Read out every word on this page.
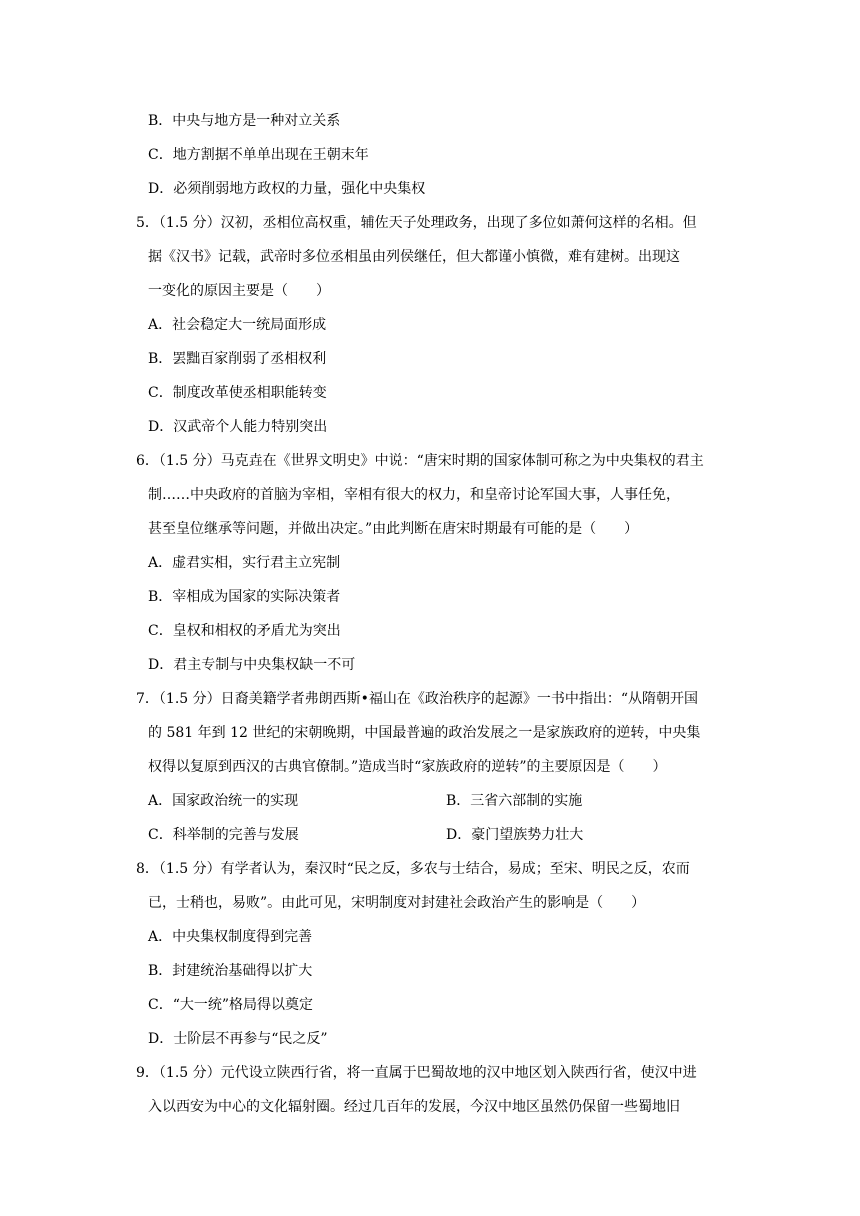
B．中央与地方是一种对立关系
C．地方割据不单单出现在王朝末年
D．必须削弱地方政权的力量，强化中央集权
5．（1.5 分）汉初，丞相位高权重，辅佐天子处理政务，出现了多位如萧何这样的名相。但
据《汉书》记载，武帝时多位丞相虽由列侯继任，但大都谨小慎微，难有建树。出现这
一变化的原因主要是（　　）
A．社会稳定大一统局面形成
B．罢黜百家削弱了丞相权利
C．制度改革使丞相职能转变
D．汉武帝个人能力特别突出
6．（1.5 分）马克垚在《世界文明史》中说：“唐宋时期的国家体制可称之为中央集权的君主
制……中央政府的首脑为宰相，宰相有很大的权力，和皇帝讨论军国大事，人事任免，
甚至皇位继承等问题，并做出决定。”由此判断在唐宋时期最有可能的是（　　）
A．虚君实相，实行君主立宪制
B．宰相成为国家的实际决策者
C．皇权和相权的矛盾尤为突出
D．君主专制与中央集权缺一不可
7．（1.5 分）日裔美籍学者弗朗西斯•福山在《政治秩序的起源》一书中指出：“从隋朝开国
的 581 年到 12 世纪的宋朝晚期，中国最普遍的政治发展之一是家族政府的逆转，中央集
权得以复原到西汉的古典官僚制。”造成当时“家族政府的逆转”的主要原因是（　　）
A．国家政治统一的实现	B．三省六部制的实施
C．科举制的完善与发展	D．豪门望族势力壮大
8．（1.5 分）有学者认为，秦汉时“民之反，多农与士结合，易成；至宋、明民之反，农而
已，士稍也，易败”。由此可见，宋明制度对封建社会政治产生的影响是（　　）
A．中央集权制度得到完善
B．封建统治基础得以扩大
C．“大一统”格局得以奠定
D．士阶层不再参与“民之反”
9．（1.5 分）元代设立陕西行省，将一直属于巴蜀故地的汉中地区划入陕西行省，使汉中进
入以西安为中心的文化辐射圈。经过几百年的发展，今汉中地区虽然仍保留一些蜀地旧
